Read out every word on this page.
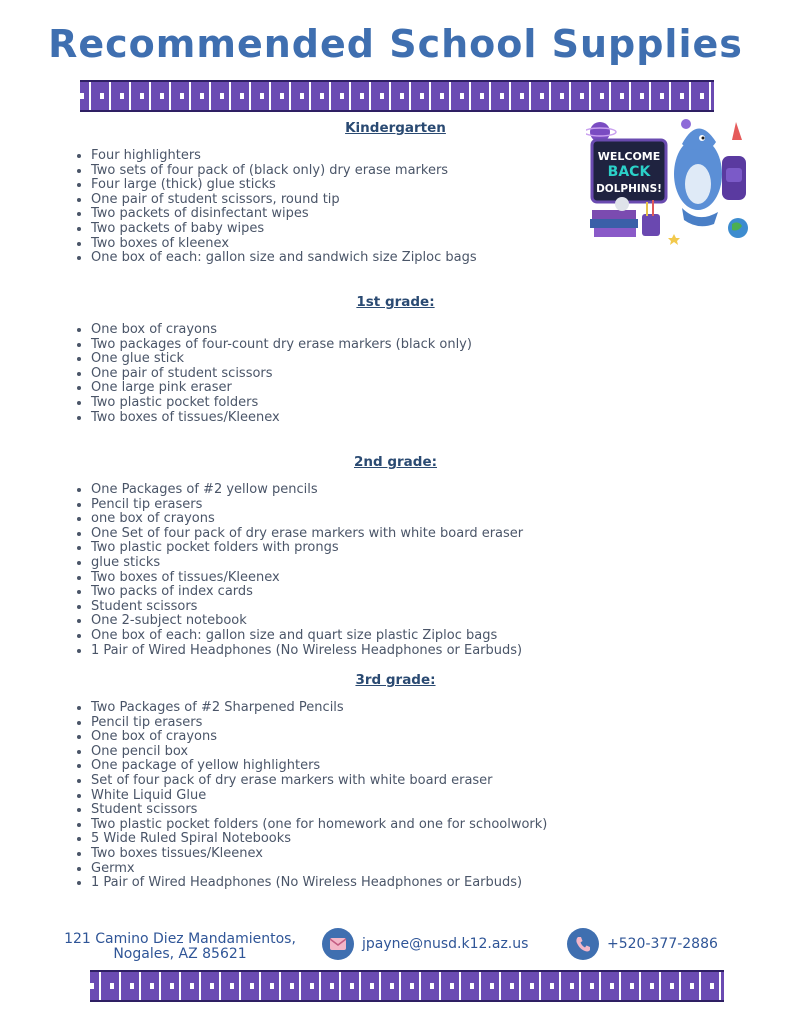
Recommended School Supplies
Kindergarten
• Four highlighters
• Two sets of four pack of (black only) dry erase markers
• Four large (thick) glue sticks
• One pair of student scissors, round tip
• Two packets of disinfectant wipes
• Two packets of baby wipes
• Two boxes of kleenex
• One box of each: gallon size and sandwich size Ziploc bags
1st grade:
• One box of crayons
• Two packages of four-count dry erase markers (black only)
• One glue stick
• One pair of student scissors
• One large pink eraser
• Two plastic pocket folders
• Two boxes of tissues/Kleenex
2nd grade:
• One Packages of #2 yellow pencils
• Pencil tip erasers
• one box of crayons
• One Set of four pack of dry erase markers with white board eraser
• Two plastic pocket folders with prongs
• glue sticks
• Two boxes of tissues/Kleenex
• Two packs of index cards
• Student scissors
• One 2-subject notebook
• One box of each: gallon size and quart size plastic Ziploc bags
• 1 Pair of Wired Headphones (No Wireless Headphones or Earbuds)
3rd grade:
• Two Packages of #2 Sharpened Pencils
• Pencil tip erasers
• One box of crayons
• One pencil box
• One package of yellow highlighters
• Set of four pack of dry erase markers with white board eraser
• White Liquid Glue
• Student scissors
• Two plastic pocket folders (one for homework and one for schoolwork)
• 5 Wide Ruled Spiral Notebooks
• Two boxes tissues/Kleenex
• Germx
• 1 Pair of Wired Headphones (No Wireless Headphones or Earbuds)
WELCOME
BACK
DOLPHINS!
121 Camino Diez Mandamientos,
Nogales, AZ 85621
jpayne@nusd.k12.az.us	+520-377-2886
